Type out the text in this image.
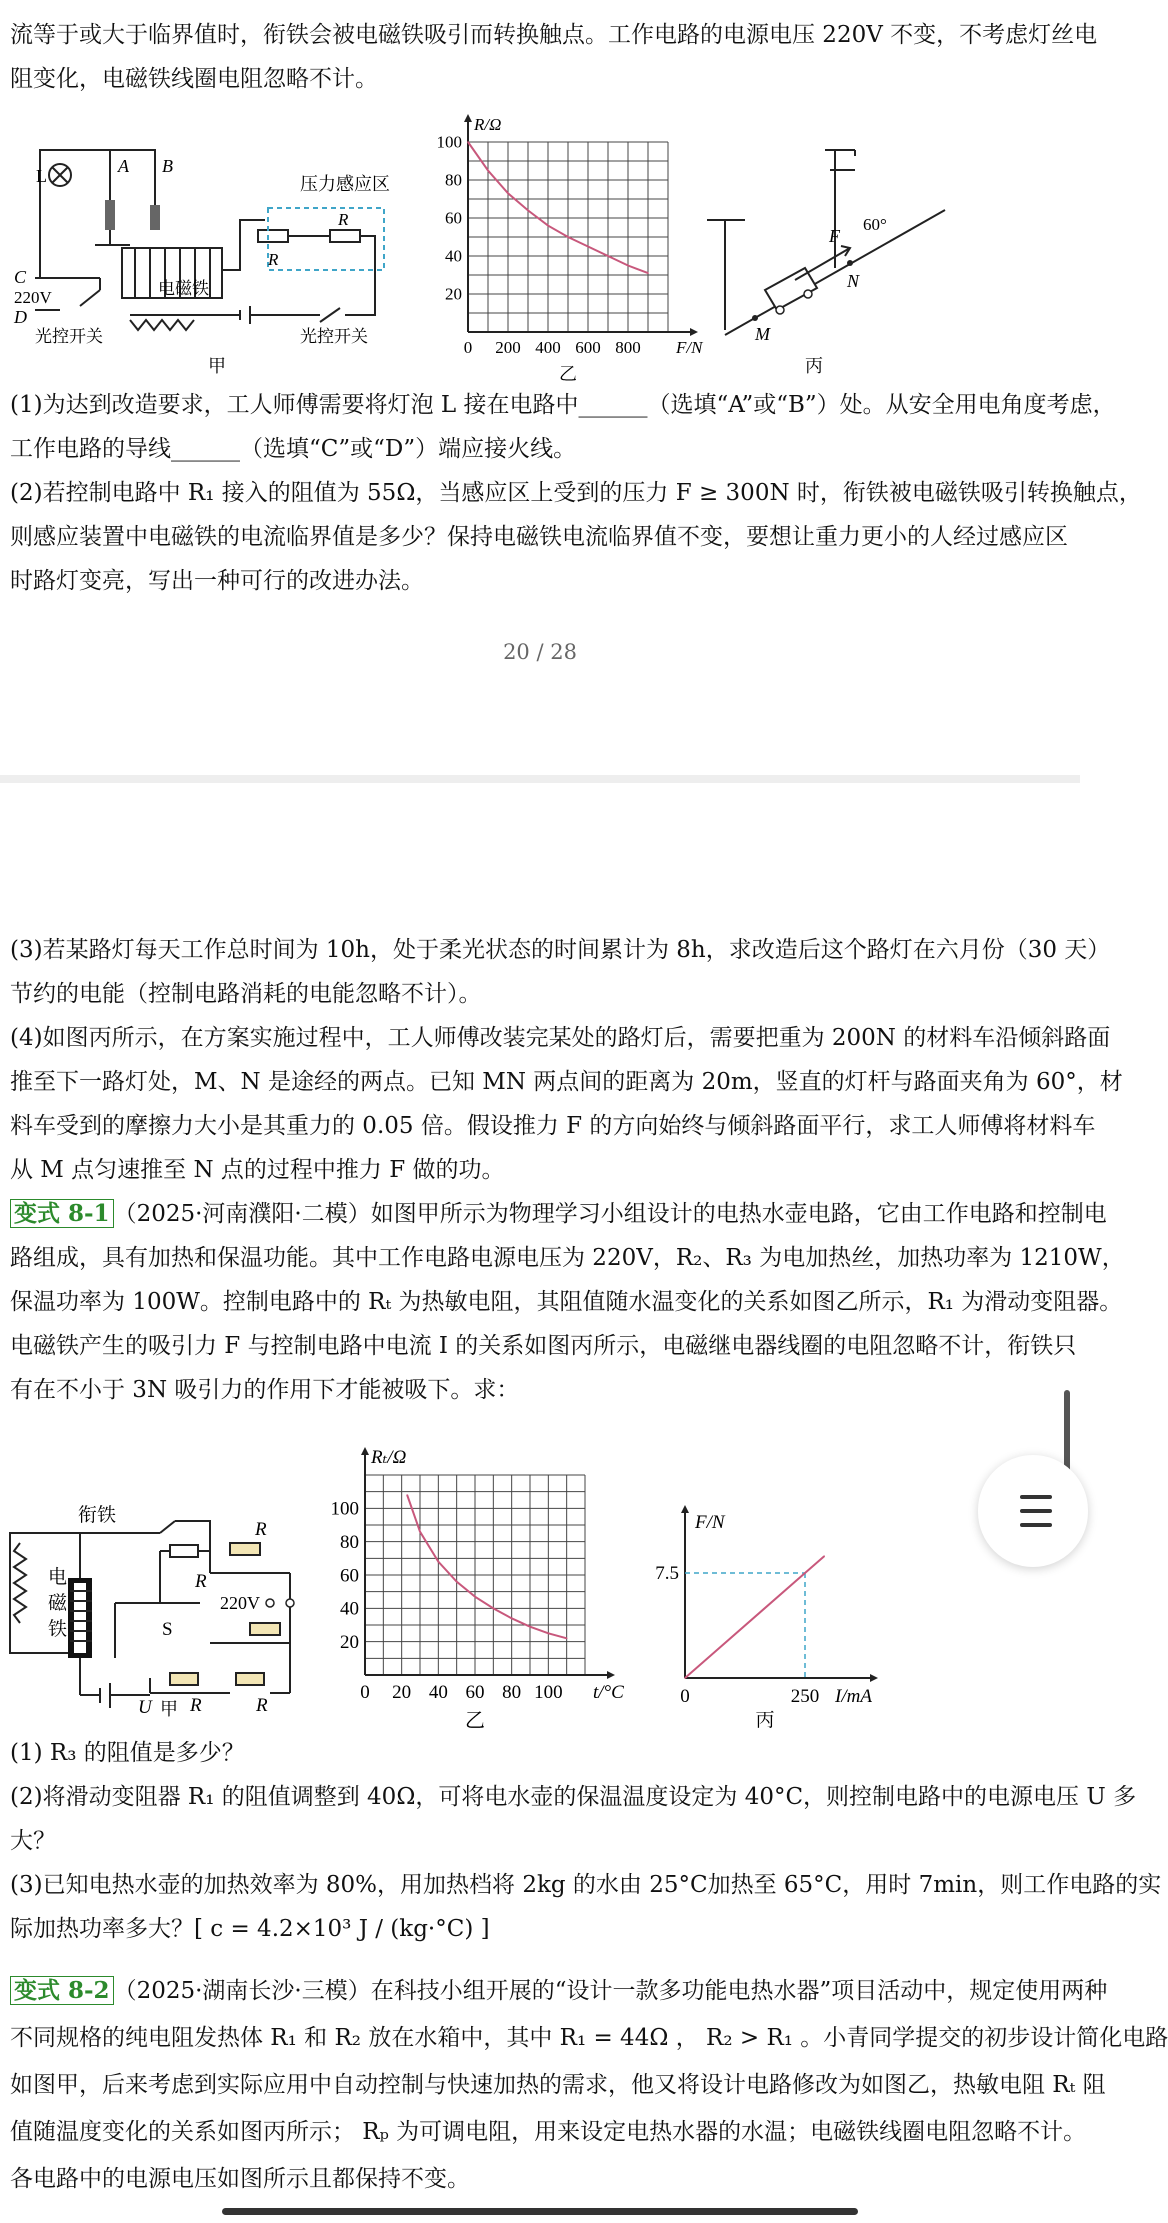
流等于或大于临界值时，衔铁会被电磁铁吸引而转换触点。工作电路的电源电压 220V 不变，不考虑灯丝电
阻变化，电磁铁线圈电阻忽略不计。
L	A B
压力感应区
R
R
C
220V
D
电磁铁
光控开关	光控开关
甲
0 200 400 600 800
20
40
60
80
100
R/Ω
F/N
乙
F
60°
N
M
丙
(1)为达到改造要求，工人师傅需要将灯泡 L 接在电路中______（选填“A”或“B”）处。从安全用电角度考虑，
工作电路的导线______（选填“C”或“D”）端应接火线。
(2)若控制电路中 R₁ 接入的阻值为 55Ω，当感应区上受到的压力 F ≥ 300N 时，衔铁被电磁铁吸引转换触点，
则感应装置中电磁铁的电流临界值是多少？保持电磁铁电流临界值不变，要想让重力更小的人经过感应区
时路灯变亮，写出一种可行的改进办法。
20 / 28
(3)若某路灯每天工作总时间为 10h，处于柔光状态的时间累计为 8h，求改造后这个路灯在六月份（30 天）
节约的电能（控制电路消耗的电能忽略不计）。
(4)如图丙所示，在方案实施过程中，工人师傅改装完某处的路灯后，需要把重为 200N 的材料车沿倾斜路面
推至下一路灯处，M、N 是途经的两点。已知 MN 两点间的距离为 20m，竖直的灯杆与路面夹角为 60°，材
料车受到的摩擦力大小是其重力的 0.05 倍。假设推力 F 的方向始终与倾斜路面平行，求工人师傅将材料车
从 M 点匀速推至 N 点的过程中推力 F 做的功。
变式 8-1 （2025·河南濮阳·二模）如图甲所示为物理学习小组设计的电热水壶电路，它由工作电路和控制电
路组成，具有加热和保温功能。其中工作电路电源电压为 220V，R₂、R₃ 为电加热丝，加热功率为 1210W，
保温功率为 100W。控制电路中的 Rₜ 为热敏电阻，其阻值随水温变化的关系如图乙所示，R₁ 为滑动变阻器。
电磁铁产生的吸引力 F 与控制电路中电流 I 的关系如图丙所示，电磁继电器线圈的电阻忽略不计，衔铁只
有在不小于 3N 吸引力的作用下才能被吸下。求：
衔铁
R
R
电
磁
铁
220V
S
U R	R
甲
0 20 40 60 80 100
20
40
60
80
100
Rₜ/Ω
t/°C
乙
7.5
0	250
F/N
I/mA
丙
(1) R₃ 的阻值是多少？
(2)将滑动变阻器 R₁ 的阻值调整到 40Ω，可将电水壶的保温温度设定为 40°C，则控制电路中的电源电压 U 多
大？
(3)已知电热水壶的加热效率为 80%，用加热档将 2kg 的水由 25°C加热至 65°C，用时 7min，则工作电路的实
际加热功率多大？[ c = 4.2×10³ J / (kg·°C) ]
变式 8-2 （2025·湖南长沙·三模）在科技小组开展的“设计一款多功能电热水器”项目活动中，规定使用两种
不同规格的纯电阻发热体 R₁ 和 R₂ 放在水箱中，其中 R₁ = 44Ω ， R₂ > R₁ 。小青同学提交的初步设计简化电路
如图甲，后来考虑到实际应用中自动控制与快速加热的需求，他又将设计电路修改为如图乙，热敏电阻 Rₜ 阻
值随温度变化的关系如图丙所示； Rₚ 为可调电阻，用来设定电热水器的水温；电磁铁线圈电阻忽略不计。
各电路中的电源电压如图所示且都保持不变。
